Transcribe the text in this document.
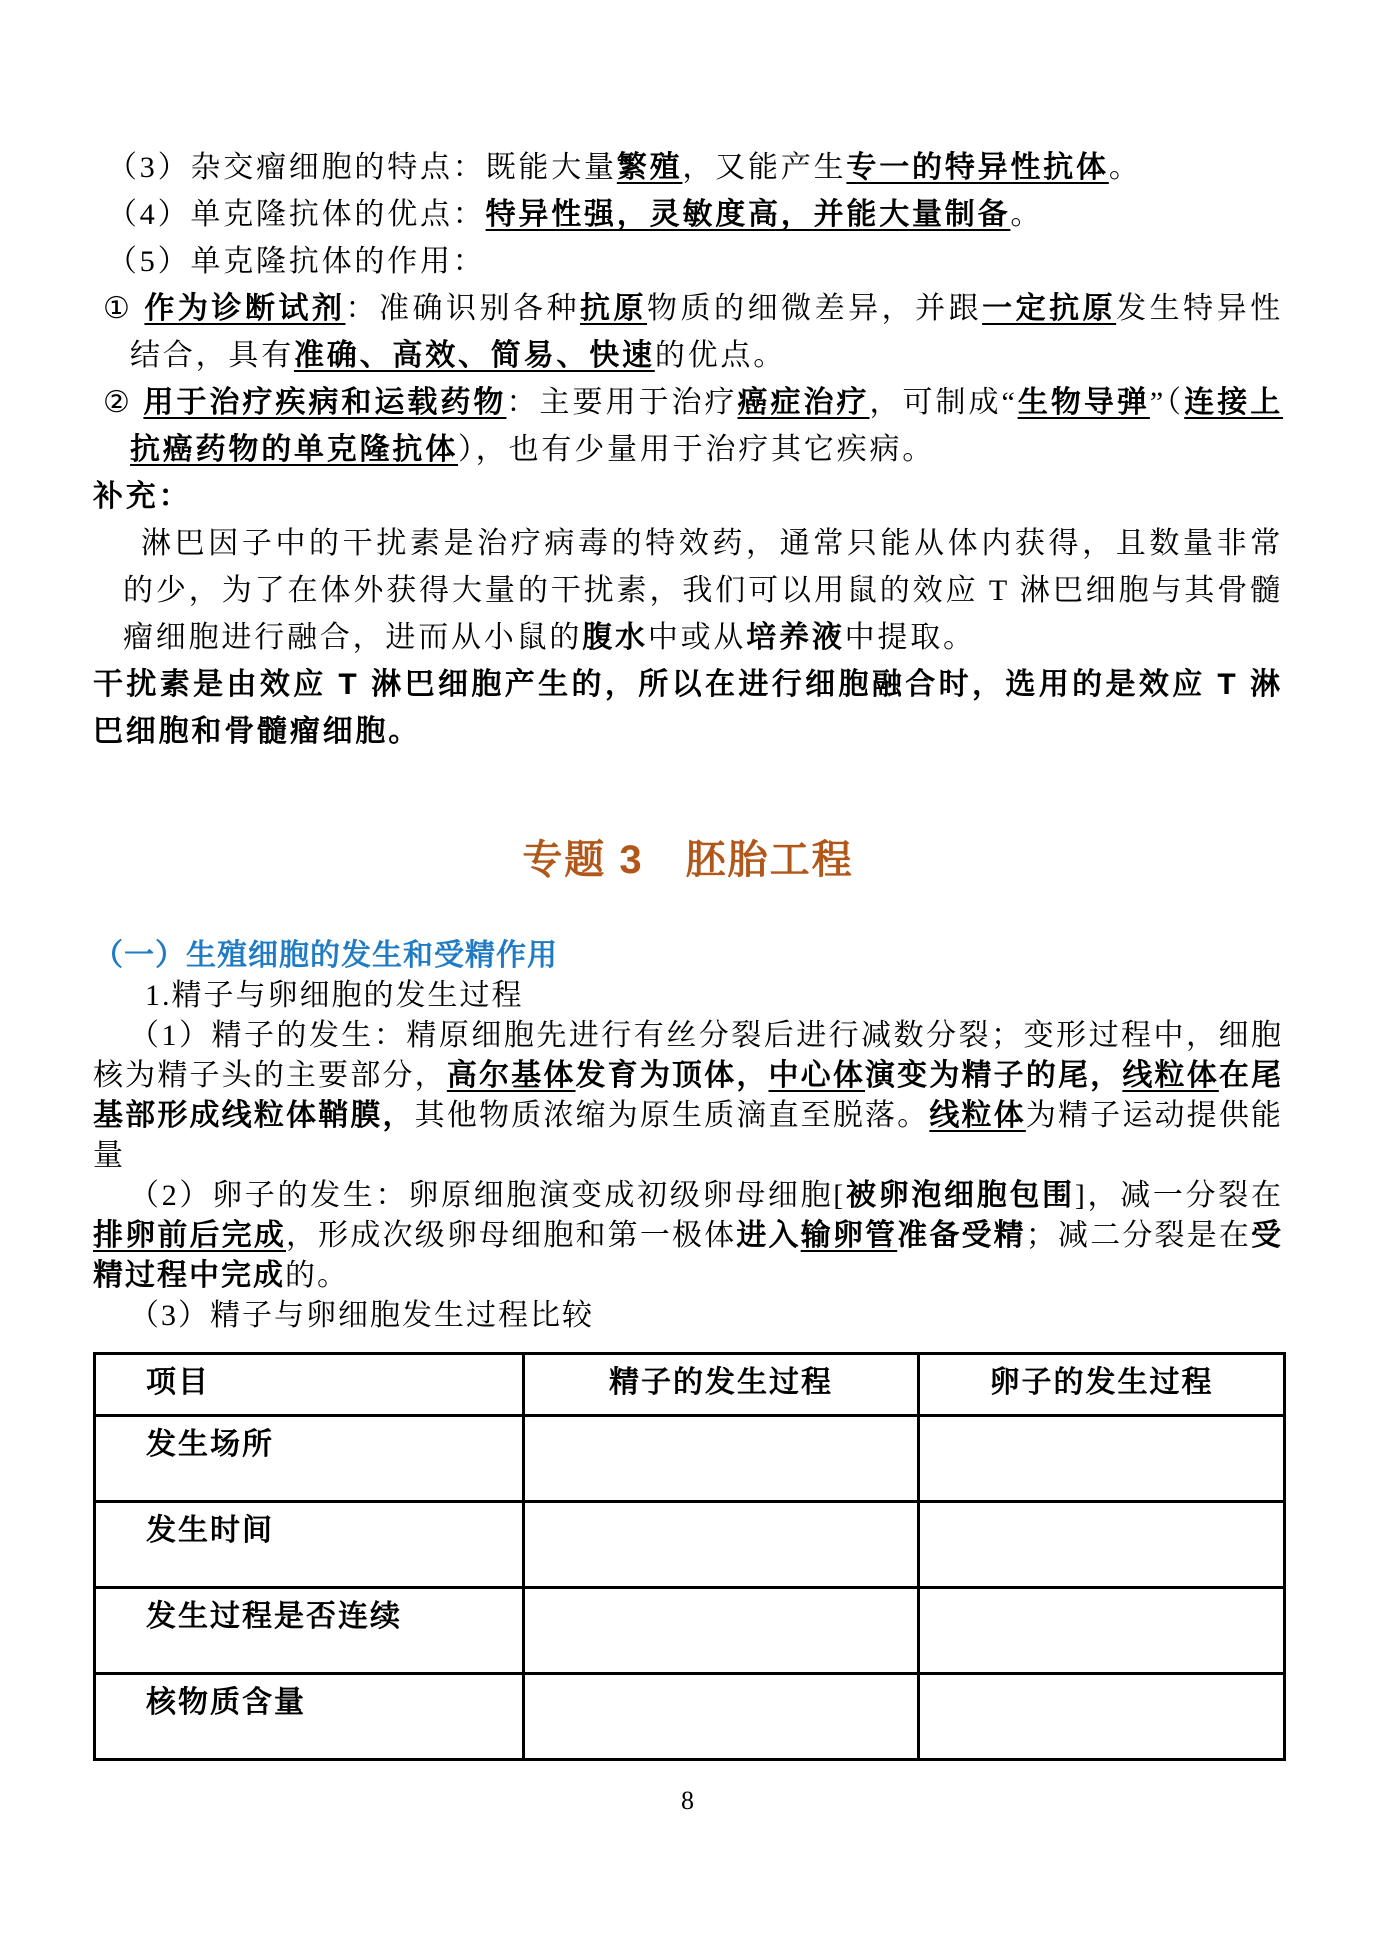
（3）杂交瘤细胞的特点：既能大量繁殖，又能产生专一的特异性抗体。

（4）单克隆抗体的优点：特异性强，灵敏度高，并能大量制备。

（5）单克隆抗体的作用：

① 作为诊断试剂：准确识别各种抗原物质的细微差异，并跟一定抗原发生特异性结合，具有准确、高效、简易、快速的优点。

② 用于治疗疾病和运载药物：主要用于治疗癌症治疗，可制成“生物导弹”（连接上抗癌药物的单克隆抗体），也有少量用于治疗其它疾病。

补充：

淋巴因子中的干扰素是治疗病毒的特效药，通常只能从体内获得，且数量非常的少，为了在体外获得大量的干扰素，我们可以用鼠的效应 T 淋巴细胞与其骨髓瘤细胞进行融合，进而从小鼠的腹水中或从培养液中提取。

干扰素是由效应 T 淋巴细胞产生的，所以在进行细胞融合时，选用的是效应 T 淋巴细胞和骨髓瘤细胞。

专题 3　胚胎工程
（一）生殖细胞的发生和受精作用

1.精子与卵细胞的发生过程

（1）精子的发生：精原细胞先进行有丝分裂后进行减数分裂；变形过程中，细胞核为精子头的主要部分，高尔基体发育为顶体，中心体演变为精子的尾，线粒体在尾基部形成线粒体鞘膜，其他物质浓缩为原生质滴直至脱落。线粒体为精子运动提供能量

（2）卵子的发生：卵原细胞演变成初级卵母细胞[被卵泡细胞包围]，减一分裂在排卵前后完成，形成次级卵母细胞和第一极体进入输卵管准备受精；减二分裂是在受精过程中完成的。

（3）精子与卵细胞发生过程比较

项目	精子的发生过程	卵子的发生过程
发生场所		
发生时间		
发生过程是否连续		
核物质含量		
8
